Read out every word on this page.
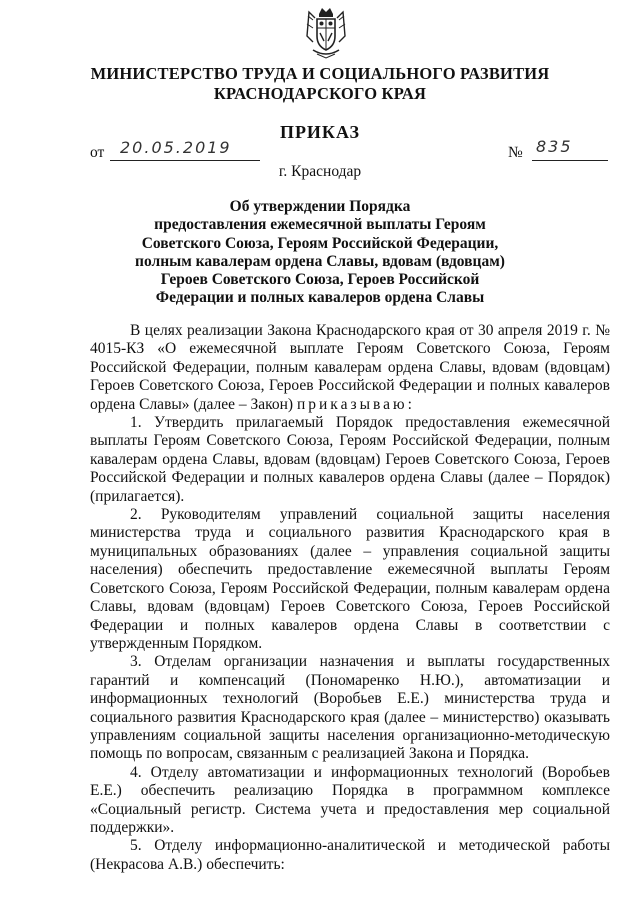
МИНИСТЕРСТВО ТРУДА И СОЦИАЛЬНОГО РАЗВИТИЯ
КРАСНОДАРСКОГО КРАЯ
ПРИКАЗ
от 20.05.2019	№ 835
г. Краснодар
Об утверждении Порядка
предоставления ежемесячной выплаты Героям
Советского Союза, Героям Российской Федерации,
полным кавалерам ордена Славы, вдовам (вдовцам)
Героев Советского Союза, Героев Российской
Федерации и полных кавалеров ордена Славы

В целях реализации Закона Краснодарского края от 30 апреля 2019 г. № 4015-КЗ «О ежемесячной выплате Героям Советского Союза, Героям Российской Федерации, полным кавалерам ордена Славы, вдовам (вдовцам) Героев Советского Союза, Героев Российской Федерации и полных кавалеров ордена Славы» (далее – Закон) приказываю:

1. Утвердить прилагаемый Порядок предоставления ежемесячной выплаты Героям Советского Союза, Героям Российской Федерации, полным кавалерам ордена Славы, вдовам (вдовцам) Героев Советского Союза, Героев Российской Федерации и полных кавалеров ордена Славы (далее – Порядок) (прилагается).

2. Руководителям управлений социальной защиты населения министерства труда и социального развития Краснодарского края в муниципальных образованиях (далее – управления социальной защиты населения) обеспечить предоставление ежемесячной выплаты Героям Советского Союза, Героям Российской Федерации, полным кавалерам ордена Славы, вдовам (вдовцам) Героев Советского Союза, Героев Российской Федерации и полных кавалеров ордена Славы в соответствии с утвержденным Порядком.

3. Отделам организации назначения и выплаты государственных гарантий и компенсаций (Пономаренко Н.Ю.), автоматизации и информационных технологий (Воробьев Е.Е.) министерства труда и социального развития Краснодарского края (далее – министерство) оказывать управлениям социальной защиты населения организационно-методическую помощь по вопросам, связанным с реализацией Закона и Порядка.

4. Отделу автоматизации и информационных технологий (Воробьев Е.Е.) обеспечить реализацию Порядка в программном комплексе «Социальный регистр. Система учета и предоставления мер социальной поддержки».

5. Отделу информационно-аналитической и методической работы (Некрасова А.В.) обеспечить:
